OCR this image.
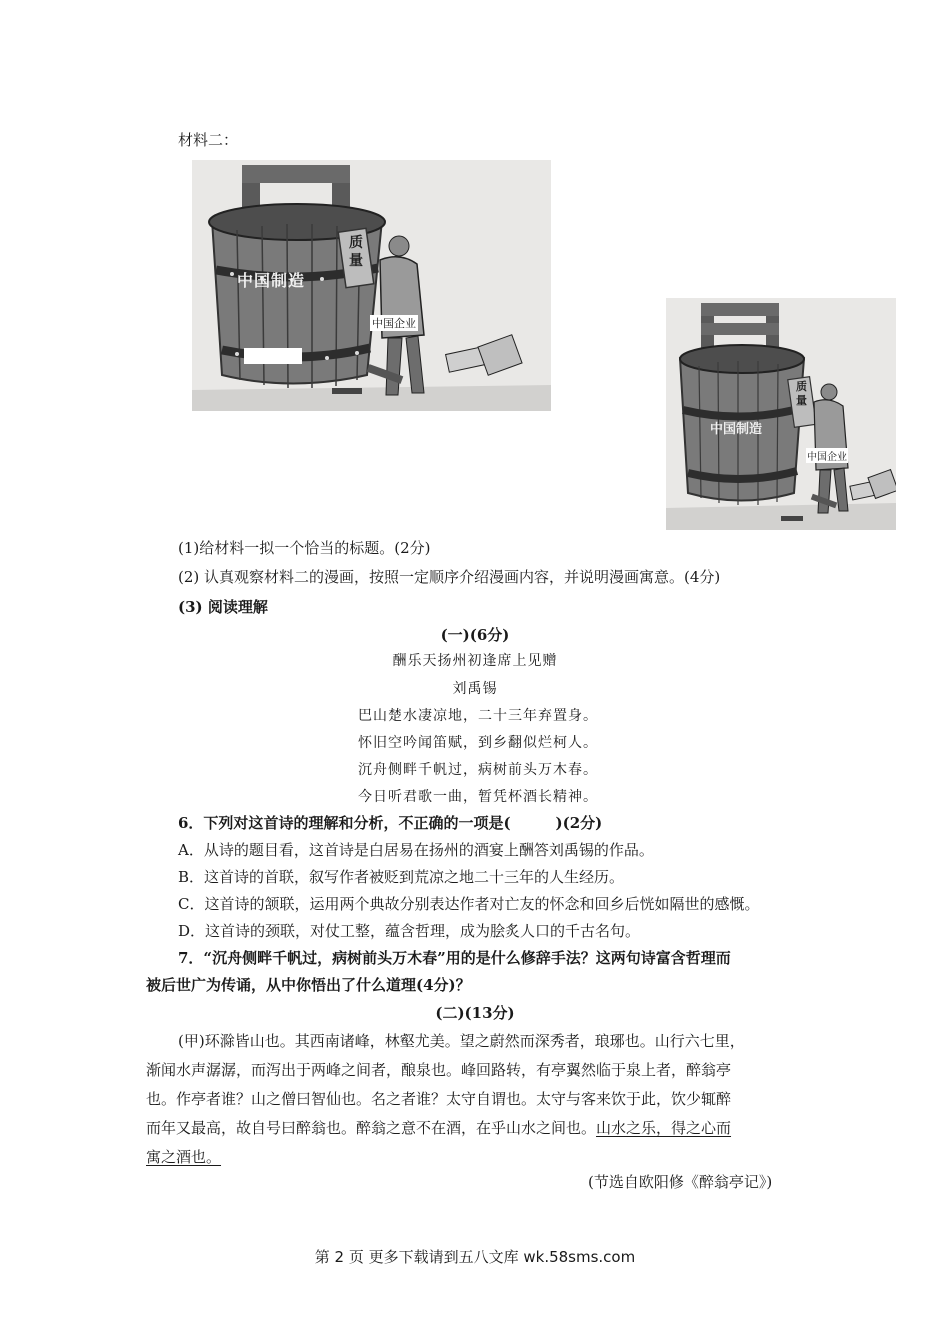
材料二：
中国制造
质量
中国企业
中国制造
质量
中国企业
(1)给材料一拟一个恰当的标题。(2分)
(2) 认真观察材料二的漫画，按照一定顺序介绍漫画内容，并说明漫画寓意。(4分)
(3) 阅读理解
(一)(6分)
酬乐天扬州初逢席上见赠
刘禹锡
巴山楚水凄凉地，二十三年弃置身。
怀旧空吟闻笛赋，到乡翻似烂柯人。
沉舟侧畔千帆过，病树前头万木春。
今日听君歌一曲，暂凭杯酒长精神。
6．下列对这首诗的理解和分析，不正确的一项是(　　　)(2分)
A．从诗的题目看，这首诗是白居易在扬州的酒宴上酬答刘禹锡的作品。
B．这首诗的首联，叙写作者被贬到荒凉之地二十三年的人生经历。
C．这首诗的颔联，运用两个典故分别表达作者对亡友的怀念和回乡后恍如隔世的感慨。
D．这首诗的颈联，对仗工整，蕴含哲理，成为脍炙人口的千古名句。
7．“沉舟侧畔千帆过，病树前头万木春”用的是什么修辞手法？这两句诗富含哲理而
被后世广为传诵，从中你悟出了什么道理(4分)？
(二)(13分)
(甲)环滁皆山也。其西南诸峰，林壑尤美。望之蔚然而深秀者，琅琊也。山行六七里，
渐闻水声潺潺，而泻出于两峰之间者，酿泉也。峰回路转，有亭翼然临于泉上者，醉翁亭
也。作亭者谁？山之僧曰智仙也。名之者谁？太守自谓也。太守与客来饮于此，饮少辄醉
而年又最高，故自号曰醉翁也。醉翁之意不在酒，在乎山水之间也。山水之乐，得之心而
寓之酒也。
(节选自欧阳修《醉翁亭记》)
第 2 页 更多下载请到五八文库 wk.58sms.com
